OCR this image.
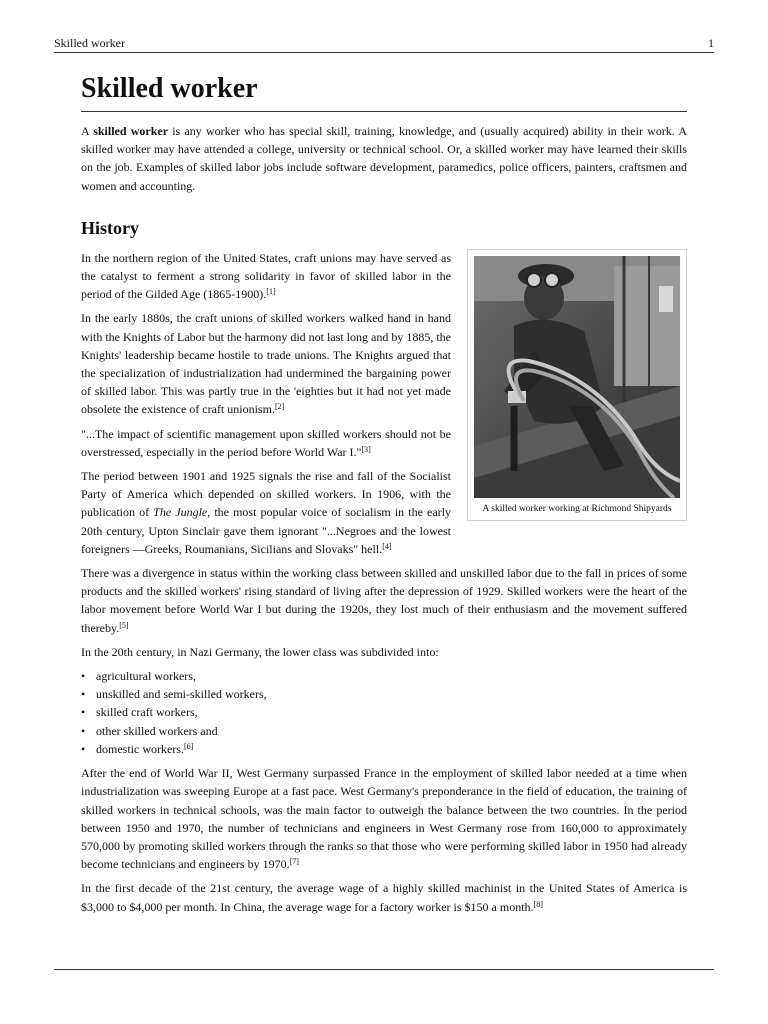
Skilled worker	1
Skilled worker

A skilled worker is any worker who has special skill, training, knowledge, and (usually acquired) ability in their work. A skilled worker may have attended a college, university or technical school. Or, a skilled worker may have learned their skills on the job. Examples of skilled labor jobs include software development, paramedics, police officers, painters, craftsmen and women and accounting.

History
A skilled worker working at Richmond Shipyards

In the northern region of the United States, craft unions may have served as the catalyst to ferment a strong solidarity in favor of skilled labor in the period of the Gilded Age (1865-1900).[1]

In the early 1880s, the craft unions of skilled workers walked hand in hand with the Knights of Labor but the harmony did not last long and by 1885, the Knights' leadership became hostile to trade unions. The Knights argued that the specialization of industrialization had undermined the bargaining power of skilled labor. This was partly true in the 'eighties but it had not yet made obsolete the existence of craft unionism.[2]

"...The impact of scientific management upon skilled workers should not be overstressed, especially in the period before World War I."[3]

The period between 1901 and 1925 signals the rise and fall of the Socialist Party of America which depended on skilled workers. In 1906, with the publication of The Jungle, the most popular voice of socialism in the early 20th century, Upton Sinclair gave them ignorant "...Negroes and the lowest foreigners —Greeks, Roumanians, Sicilians and Slovaks" hell.[4]

There was a divergence in status within the working class between skilled and unskilled labor due to the fall in prices of some products and the skilled workers' rising standard of living after the depression of 1929. Skilled workers were the heart of the labor movement before World War I but during the 1920s, they lost much of their enthusiasm and the movement suffered thereby.[5]

In the 20th century, in Nazi Germany, the lower class was subdivided into:

• agricultural workers,
• unskilled and semi-skilled workers,
• skilled craft workers,
• other skilled workers and
• domestic workers.[6]

After the end of World War II, West Germany surpassed France in the employment of skilled labor needed at a time when industrialization was sweeping Europe at a fast pace. West Germany's preponderance in the field of education, the training of skilled workers in technical schools, was the main factor to outweigh the balance between the two countries. In the period between 1950 and 1970, the number of technicians and engineers in West Germany rose from 160,000 to approximately 570,000 by promoting skilled workers through the ranks so that those who were performing skilled labor in 1950 had already become technicians and engineers by 1970.[7]

In the first decade of the 21st century, the average wage of a highly skilled machinist in the United States of America is $3,000 to $4,000 per month. In China, the average wage for a factory worker is $150 a month.[8]
